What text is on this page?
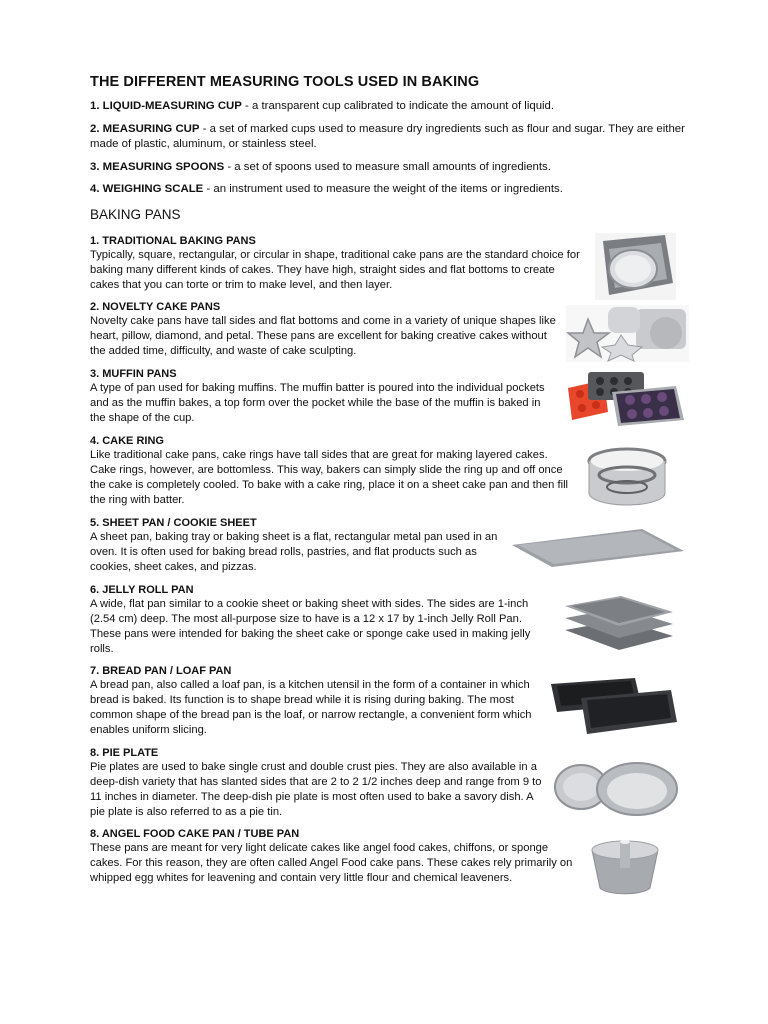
THE DIFFERENT MEASURING TOOLS USED IN BAKING

1. LIQUID-MEASURING CUP - a transparent cup calibrated to indicate the amount of liquid.

2. MEASURING CUP - a set of marked cups used to measure dry ingredients such as flour and sugar. They are either made of plastic, aluminum, or stainless steel.

3. MEASURING SPOONS - a set of spoons used to measure small amounts of ingredients.

4. WEIGHING SCALE - an instrument used to measure the weight of the items or ingredients.

BAKING PANS

1. TRADITIONAL BAKING PANS

Typically, square, rectangular, or circular in shape, traditional cake pans are the standard choice for baking many different kinds of cakes. They have high, straight sides and flat bottoms to create cakes that you can torte or trim to make level, and then layer.

2. NOVELTY CAKE PANS

Novelty cake pans have tall sides and flat bottoms and come in a variety of unique shapes like heart, pillow, diamond, and petal. These pans are excellent for baking creative cakes without the added time, difficulty, and waste of cake sculpting.

3. MUFFIN PANS

A type of pan used for baking muffins. The muffin batter is poured into the individual pockets and as the muffin bakes, a top form over the pocket while the base of the muffin is baked in the shape of the cup.

4. CAKE RING

Like traditional cake pans, cake rings have tall sides that are great for making layered cakes. Cake rings, however, are bottomless. This way, bakers can simply slide the ring up and off once the cake is completely cooled. To bake with a cake ring, place it on a sheet cake pan and then fill the ring with batter.

5. SHEET PAN / COOKIE SHEET

A sheet pan, baking tray or baking sheet is a flat, rectangular metal pan used in an oven. It is often used for baking bread rolls, pastries, and flat products such as cookies, sheet cakes, and pizzas.

6. JELLY ROLL PAN

A wide, flat pan similar to a cookie sheet or baking sheet with sides. The sides are 1-inch (2.54 cm) deep. The most all-purpose size to have is a 12 x 17 by 1-inch Jelly Roll Pan. These pans were intended for baking the sheet cake or sponge cake used in making jelly rolls.

7. BREAD PAN / LOAF PAN

A bread pan, also called a loaf pan, is a kitchen utensil in the form of a container in which bread is baked. Its function is to shape bread while it is rising during baking. The most common shape of the bread pan is the loaf, or narrow rectangle, a convenient form which enables uniform slicing.

8. PIE PLATE

Pie plates are used to bake single crust and double crust pies. They are also available in a deep-dish variety that has slanted sides that are 2 to 2 1/2 inches deep and range from 9 to 11 inches in diameter. The deep-dish pie plate is most often used to bake a savory dish. A pie plate is also referred to as a pie tin.

8. ANGEL FOOD CAKE PAN / TUBE PAN

These pans are meant for very light delicate cakes like angel food cakes, chiffons, or sponge cakes. For this reason, they are often called Angel Food cake pans. These cakes rely primarily on whipped egg whites for leavening and contain very little flour and chemical leaveners.
